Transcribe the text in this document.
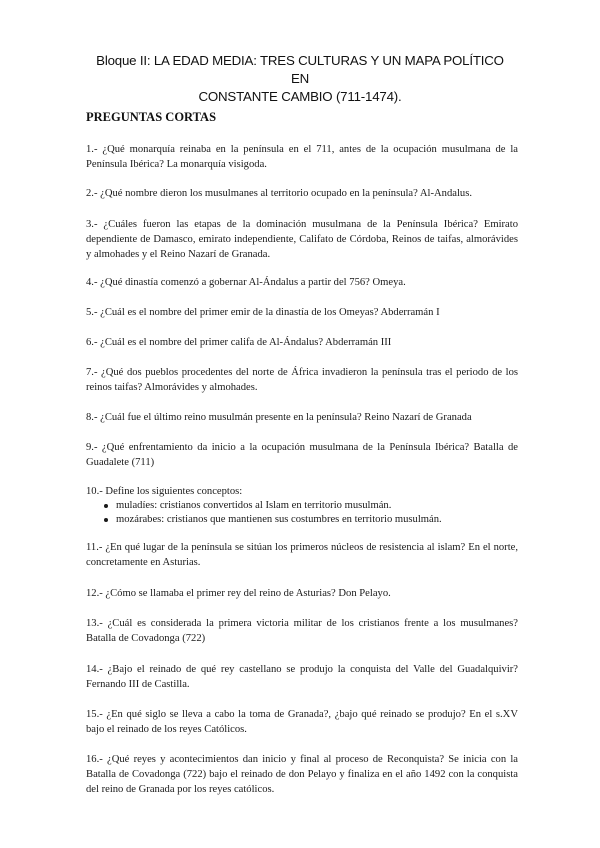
Bloque II: LA EDAD MEDIA: TRES CULTURAS Y UN MAPA POLÍTICO EN
CONSTANTE CAMBIO (711-1474).
PREGUNTAS CORTAS

1.- ¿Qué monarquía reinaba en la península en el 711, antes de la ocupación musulmana de la Península Ibérica? La monarquía visigoda.

2.- ¿Qué nombre dieron los musulmanes al territorio ocupado en la península? Al-Andalus.

3.- ¿Cuáles fueron las etapas de la dominación musulmana de la Península Ibérica? Emirato dependiente de Damasco, emirato independiente, Califato de Córdoba, Reinos de taifas, almorávides y almohades y el Reino Nazarí de Granada.

4.- ¿Qué dinastía comenzó a gobernar Al-Ándalus a partir del 756? Omeya.

5.- ¿Cuál es el nombre del primer emir de la dinastía de los Omeyas? Abderramán I

6.- ¿Cuál es el nombre del primer califa de Al-Ándalus? Abderramán III

7.- ¿Qué dos pueblos procedentes del norte de África invadieron la península tras el periodo de los reinos taifas? Almorávides y almohades.

8.- ¿Cuál fue el último reino musulmán presente en la península? Reino Nazarí de Granada

9.- ¿Qué enfrentamiento da inicio a la ocupación musulmana de la Península Ibérica? Batalla de Guadalete (711)

10.- Define los siguientes conceptos:
muladíes: cristianos convertidos al Islam en territorio musulmán.
mozárabes: cristianos que mantienen sus costumbres en territorio musulmán.

11.- ¿En qué lugar de la península se sitúan los primeros núcleos de resistencia al islam? En el norte, concretamente en Asturias.

12.- ¿Cómo se llamaba el primer rey del reino de Asturias? Don Pelayo.

13.- ¿Cuál es considerada la primera victoria militar de los cristianos frente a los musulmanes? Batalla de Covadonga (722)

14.- ¿Bajo el reinado de qué rey castellano se produjo la conquista del Valle del Guadalquivir? Fernando III de Castilla.

15.- ¿En qué siglo se lleva a cabo la toma de Granada?, ¿bajo qué reinado se produjo? En el s.XV bajo el reinado de los reyes Católicos.

16.- ¿Qué reyes y acontecimientos dan inicio y final al proceso de Reconquista? Se inicia con la Batalla de Covadonga (722) bajo el reinado de don Pelayo y finaliza en el año 1492 con la conquista del reino de Granada por los reyes católicos.
